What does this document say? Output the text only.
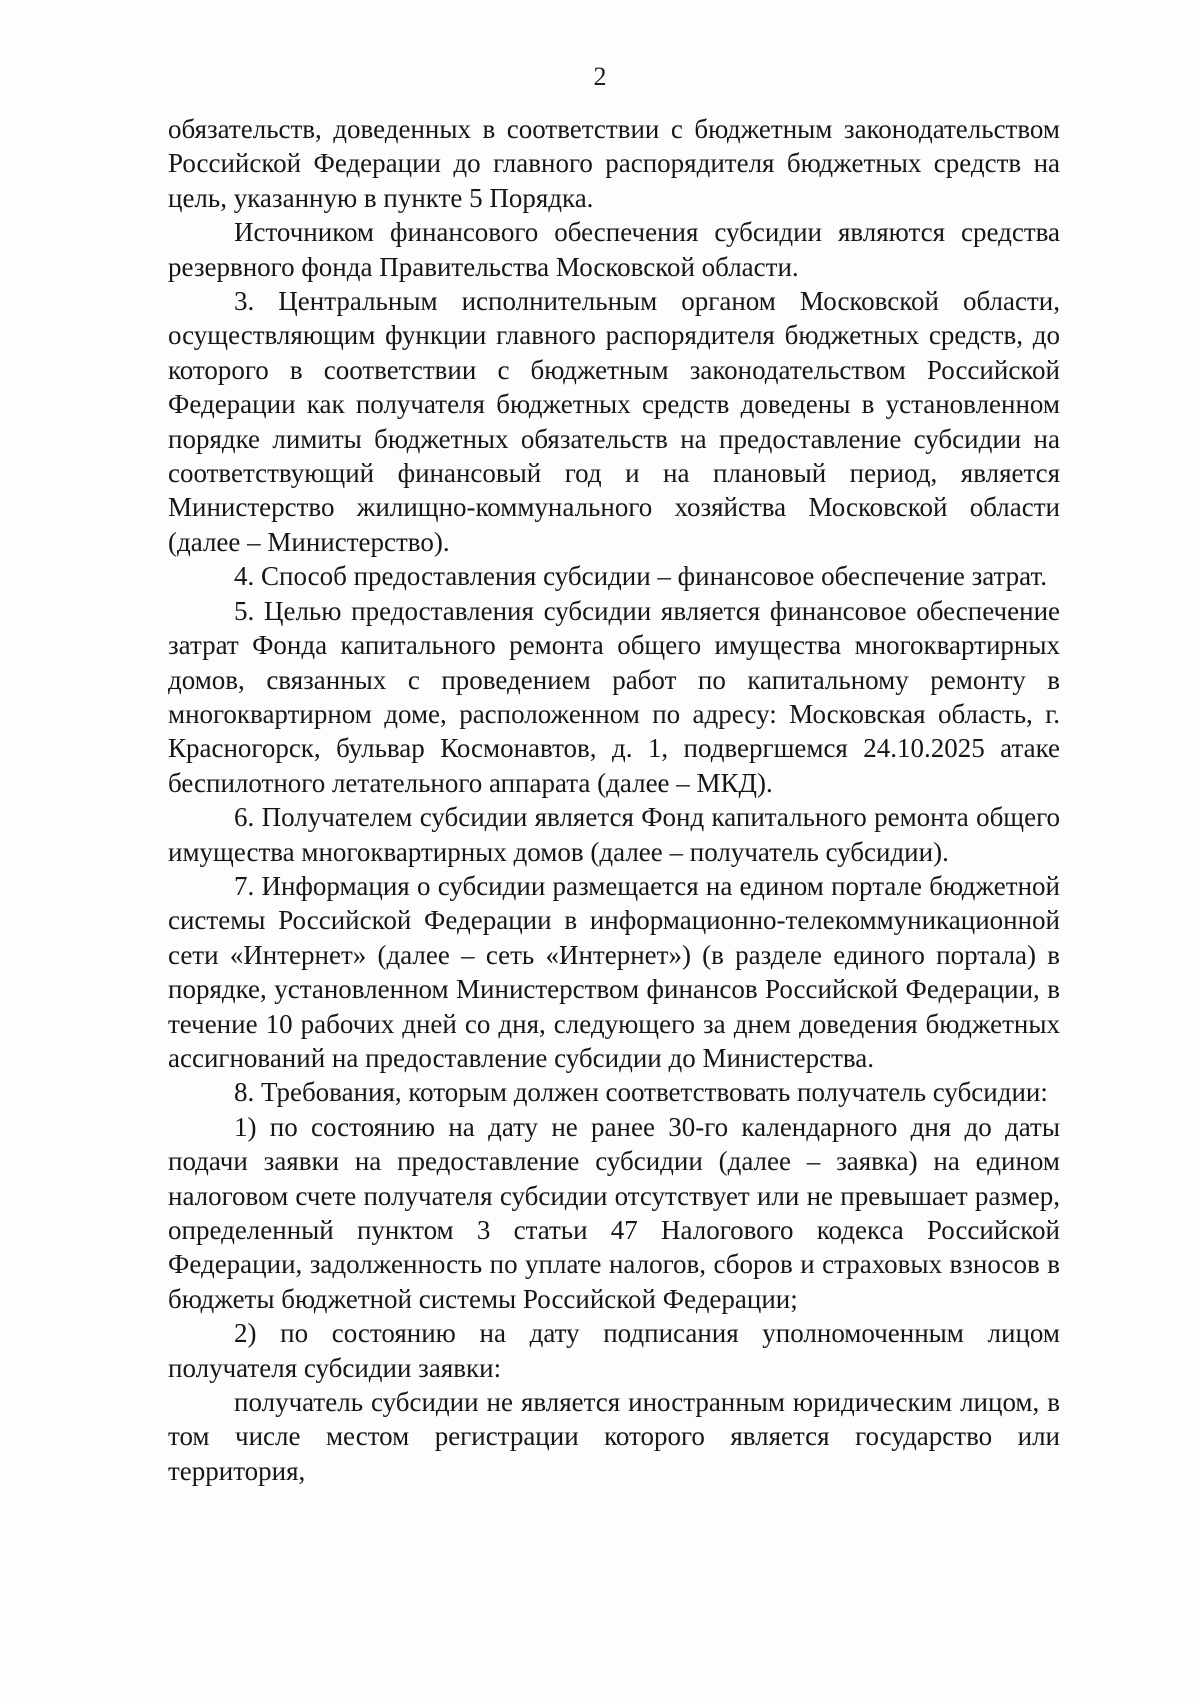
2

обязательств, доведенных в соответствии с бюджетным законодательством Российской Федерации до главного распорядителя бюджетных средств на цель, указанную в пункте 5 Порядка.

Источником финансового обеспечения субсидии являются средства резервного фонда Правительства Московской области.

3. Центральным исполнительным органом Московской области, осуществляющим функции главного распорядителя бюджетных средств, до которого в соответствии с бюджетным законодательством Российской Федерации как получателя бюджетных средств доведены в установленном порядке лимиты бюджетных обязательств на предоставление субсидии на соответствующий финансовый год и на плановый период, является Министерство жилищно-коммунального хозяйства Московской области (далее – Министерство).

4. Способ предоставления субсидии – финансовое обеспечение затрат.

5. Целью предоставления субсидии является финансовое обеспечение затрат Фонда капитального ремонта общего имущества многоквартирных домов, связанных с проведением работ по капитальному ремонту в многоквартирном доме, расположенном по адресу: Московская область, г. Красногорск, бульвар Космонавтов, д. 1, подвергшемся 24.10.2025 атаке беспилотного летательного аппарата (далее – МКД).

6. Получателем субсидии является Фонд капитального ремонта общего имущества многоквартирных домов (далее – получатель субсидии).

7. Информация о субсидии размещается на едином портале бюджетной системы Российской Федерации в информационно-телекоммуникационной сети «Интернет» (далее – сеть «Интернет») (в разделе единого портала) в порядке, установленном Министерством финансов Российской Федерации, в течение 10 рабочих дней со дня, следующего за днем доведения бюджетных ассигнований на предоставление субсидии до Министерства.

8. Требования, которым должен соответствовать получатель субсидии:

1) по состоянию на дату не ранее 30-го календарного дня до даты подачи заявки на предоставление субсидии (далее – заявка) на едином налоговом счете получателя субсидии отсутствует или не превышает размер, определенный пунктом 3 статьи 47 Налогового кодекса Российской Федерации, задолженность по уплате налогов, сборов и страховых взносов в бюджеты бюджетной системы Российской Федерации;

2) по состоянию на дату подписания уполномоченным лицом получателя субсидии заявки:

получатель субсидии не является иностранным юридическим лицом, в том числе местом регистрации которого является государство или территория,
